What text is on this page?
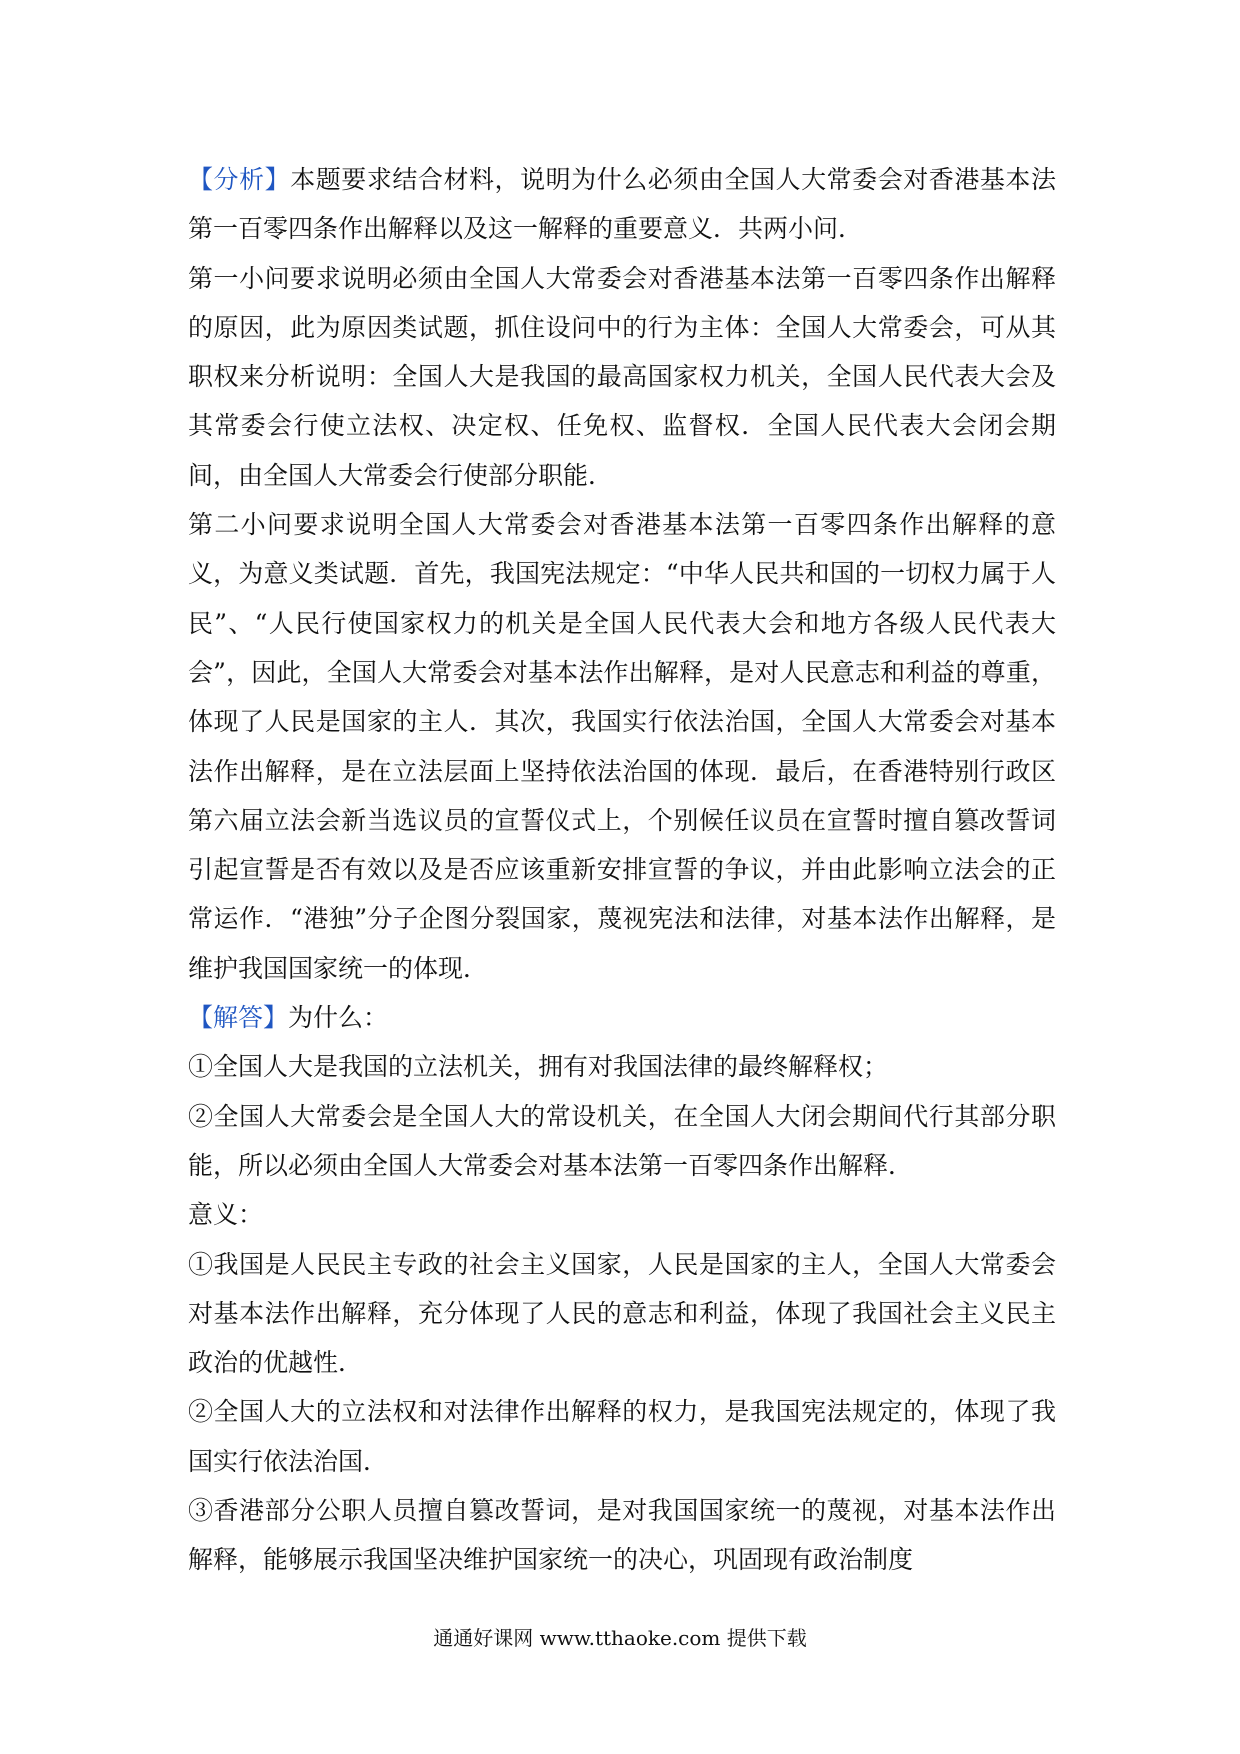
【分析】本题要求结合材料，说明为什么必须由全国人大常委会对香港基本法第一百零四条作出解释以及这一解释的重要意义．共两小问．

第一小问要求说明必须由全国人大常委会对香港基本法第一百零四条作出解释的原因，此为原因类试题，抓住设问中的行为主体：全国人大常委会，可从其职权来分析说明：全国人大是我国的最高国家权力机关，全国人民代表大会及其常委会行使立法权、决定权、任免权、监督权．全国人民代表大会闭会期间，由全国人大常委会行使部分职能．

第二小问要求说明全国人大常委会对香港基本法第一百零四条作出解释的意义，为意义类试题．首先，我国宪法规定：“中华人民共和国的一切权力属于人民”、“人民行使国家权力的机关是全国人民代表大会和地方各级人民代表大会”，因此，全国人大常委会对基本法作出解释，是对人民意志和利益的尊重，体现了人民是国家的主人．其次，我国实行依法治国，全国人大常委会对基本法作出解释，是在立法层面上坚持依法治国的体现．最后，在香港特别行政区第六届立法会新当选议员的宣誓仪式上，个别候任议员在宣誓时擅自篡改誓词引起宣誓是否有效以及是否应该重新安排宣誓的争议，并由此影响立法会的正常运作．“港独”分子企图分裂国家，蔑视宪法和法律，对基本法作出解释，是维护我国国家统一的体现．

【解答】为什么：

①全国人大是我国的立法机关，拥有对我国法律的最终解释权；

②全国人大常委会是全国人大的常设机关，在全国人大闭会期间代行其部分职能，所以必须由全国人大常委会对基本法第一百零四条作出解释．

意义：

①我国是人民民主专政的社会主义国家，人民是国家的主人，全国人大常委会对基本法作出解释，充分体现了人民的意志和利益，体现了我国社会主义民主政治的优越性．

②全国人大的立法权和对法律作出解释的权力，是我国宪法规定的，体现了我国实行依法治国．

③香港部分公职人员擅自篡改誓词，是对我国国家统一的蔑视，对基本法作出解释，能够展示我国坚决维护国家统一的决心，巩固现有政治制度

通通好课网 www.tthaoke.com 提供下载
